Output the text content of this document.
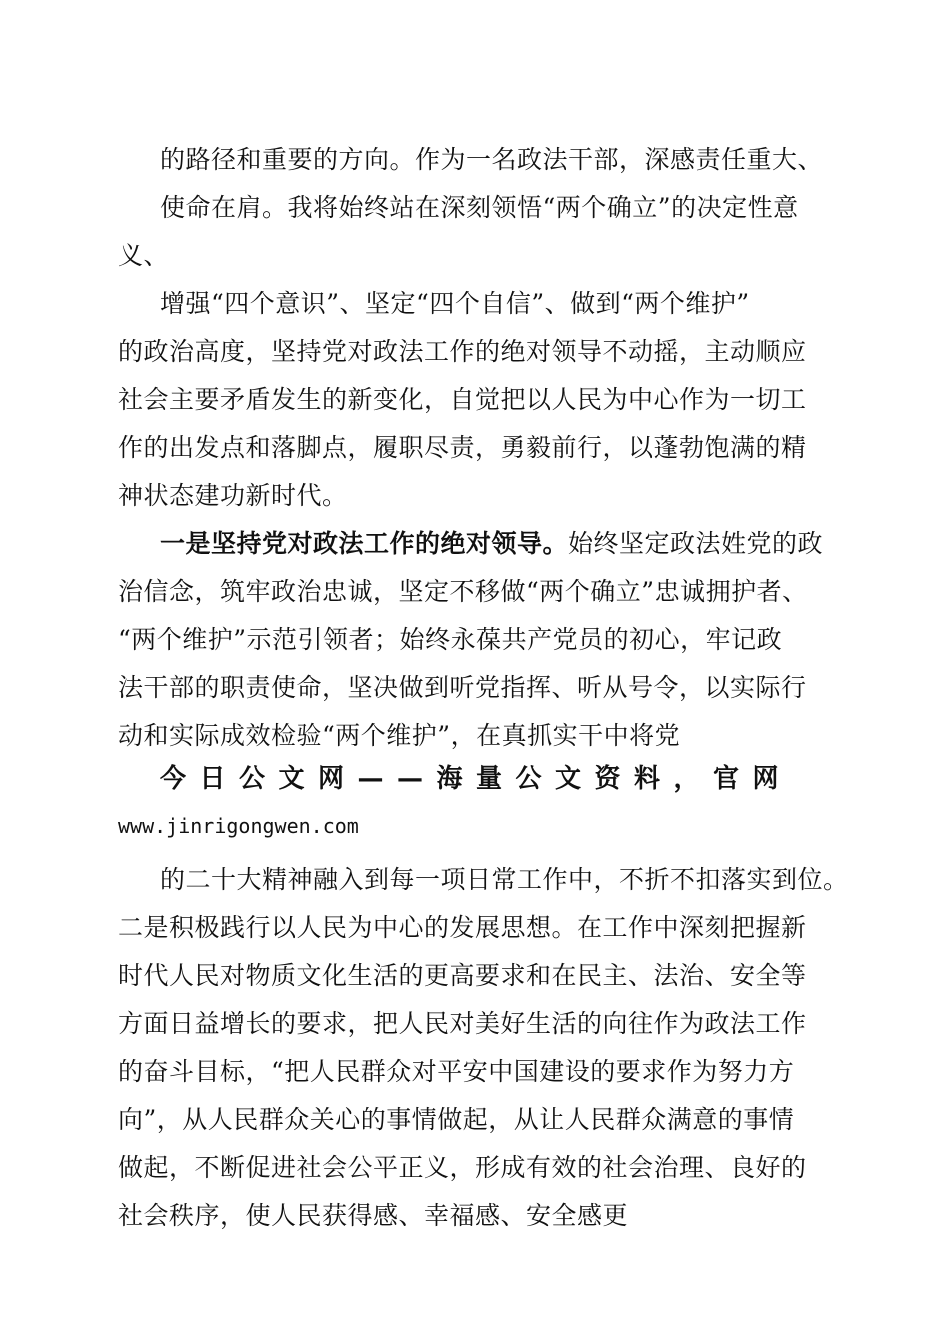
的路径和重要的方向。作为一名政法干部，深感责任重大、
使命在肩。我将始终站在深刻领悟“两个确立”的决定性意
义、
增强“四个意识”、坚定“四个自信”、做到“两个维护”
的政治高度，坚持党对政法工作的绝对领导不动摇，主动顺应
社会主要矛盾发生的新变化，自觉把以人民为中心作为一切工
作的出发点和落脚点，履职尽责，勇毅前行，以蓬勃饱满的精
神状态建功新时代。
一是坚持党对政法工作的绝对领导。始终坚定政法姓党的政
治信念，筑牢政治忠诚，坚定不移做“两个确立”忠诚拥护者、
“两个维护”示范引领者；始终永葆共产党员的初心，牢记政
法干部的职责使命，坚决做到听党指挥、听从号令，以实际行
动和实际成效检验“两个维护”，在真抓实干中将党
今日公文网——海量公文资料，官网
www.jinrigongwen.com
的二十大精神融入到每一项日常工作中，不折不扣落实到位。
二是积极践行以人民为中心的发展思想。在工作中深刻把握新
时代人民对物质文化生活的更高要求和在民主、法治、安全等
方面日益增长的要求，把人民对美好生活的向往作为政法工作
的奋斗目标，“把人民群众对平安中国建设的要求作为努力方
向”，从人民群众关心的事情做起，从让人民群众满意的事情
做起，不断促进社会公平正义，形成有效的社会治理、良好的
社会秩序，使人民获得感、幸福感、安全感更
